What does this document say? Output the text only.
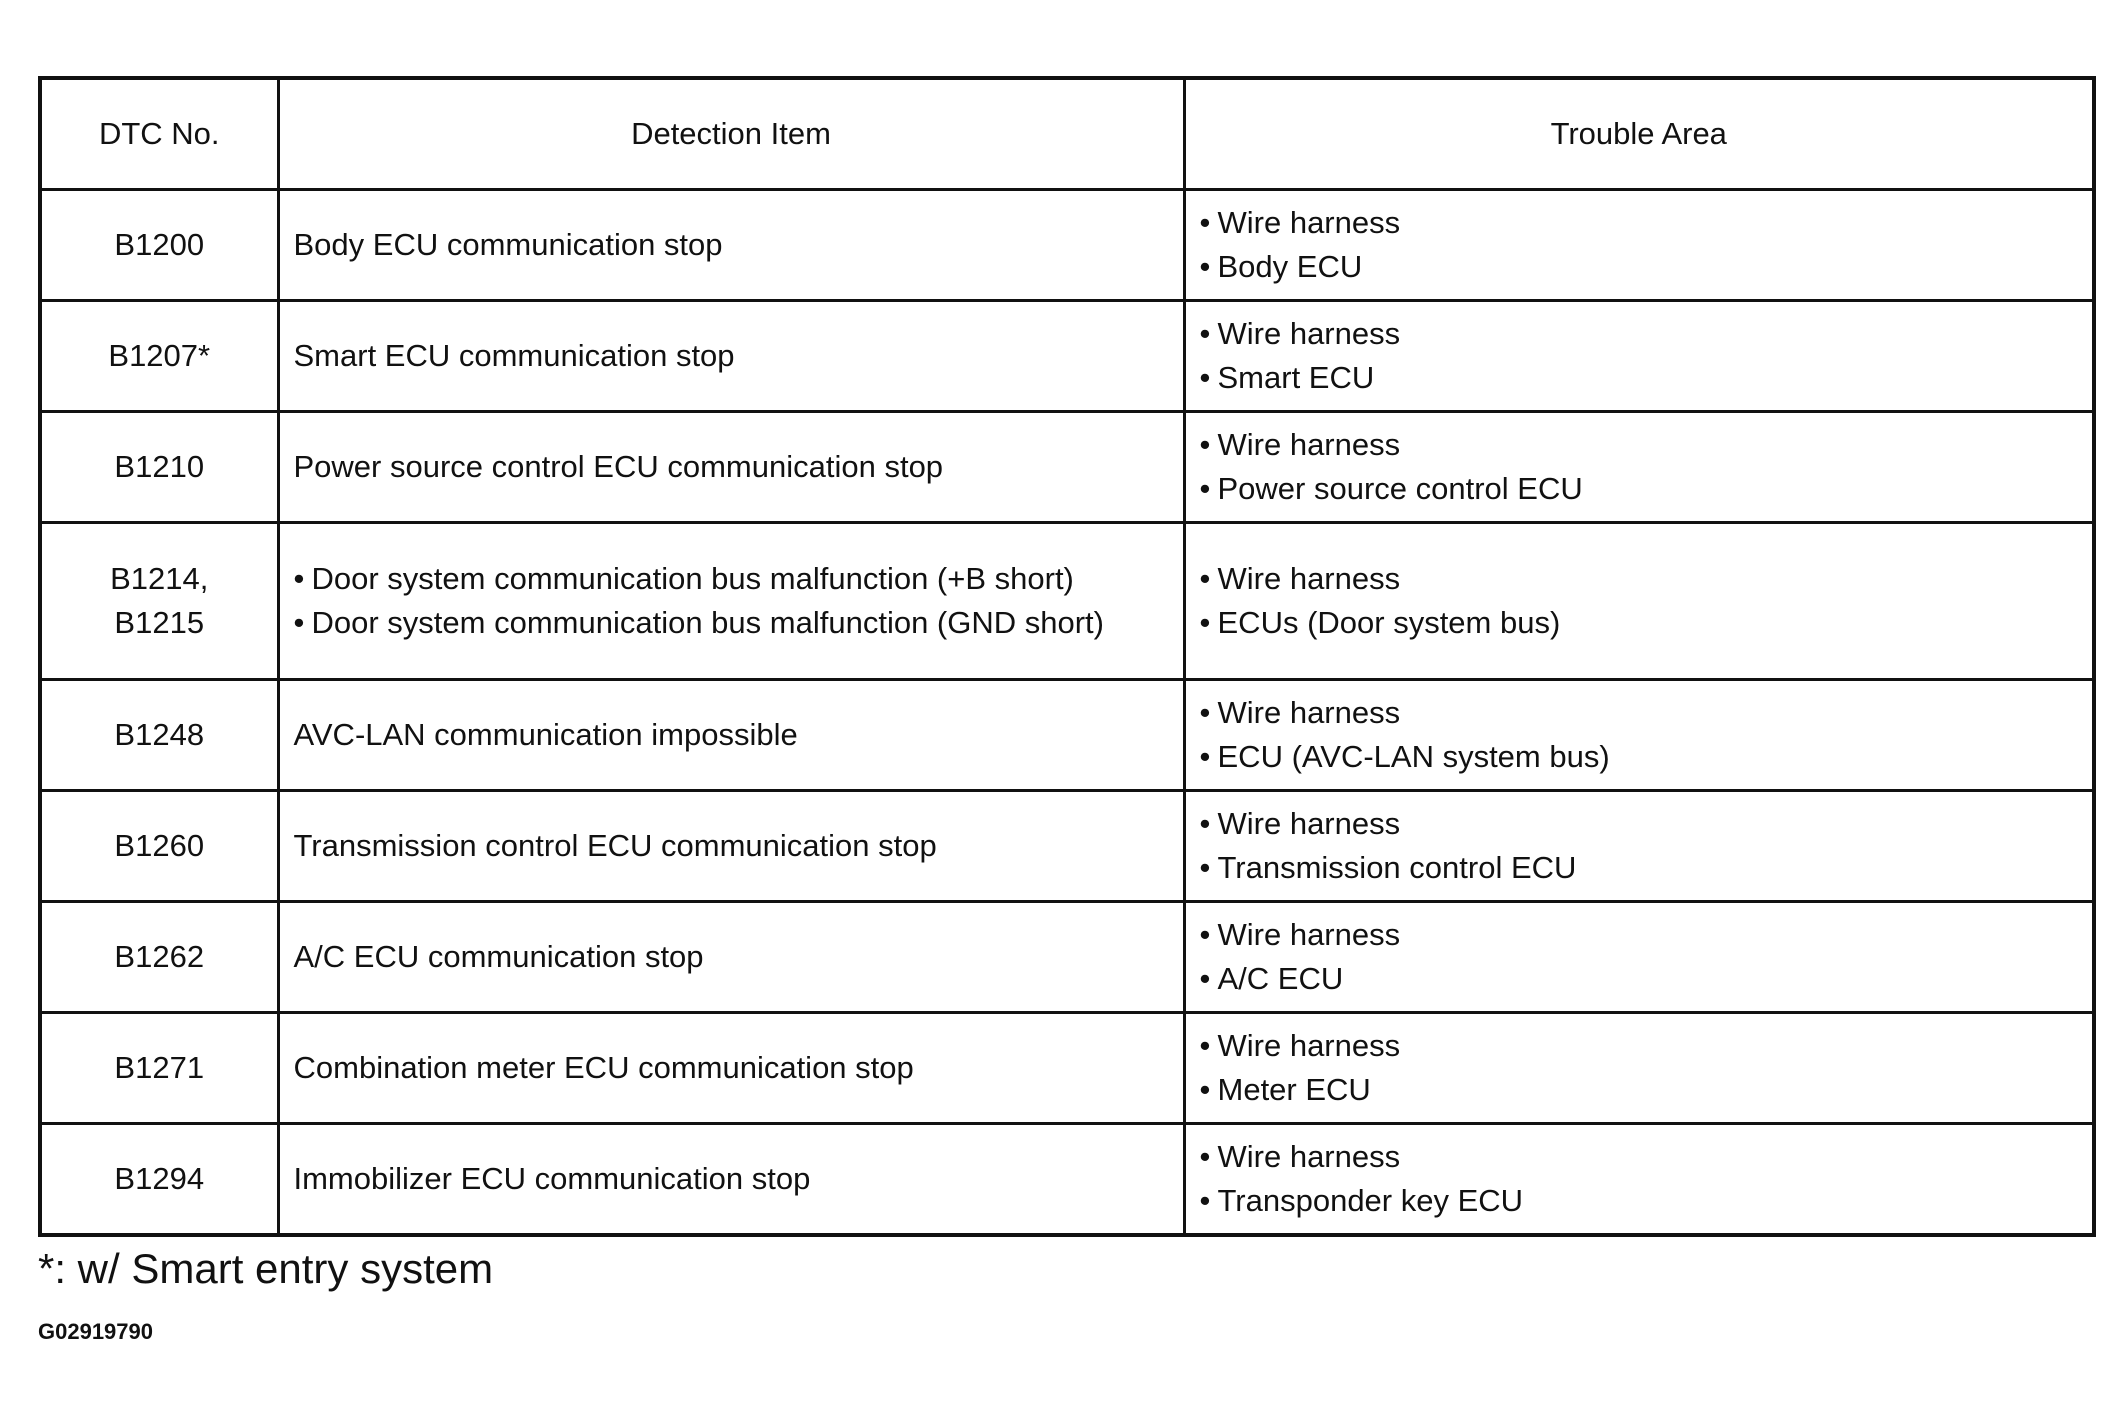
DTC No.	Detection Item	Trouble Area

B1200	Body ECU communication stop	• Wire harness
• Body ECU

B1207*	Smart ECU communication stop	• Wire harness
• Smart ECU

B1210	Power source control ECU communication stop	• Wire harness
• Power source control ECU

B1214,
B1215	• Door system communication bus malfunction (+B short)
• Door system communication bus malfunction (GND short)	• Wire harness
• ECUs (Door system bus)

B1248	AVC-LAN communication impossible	• Wire harness
• ECU (AVC-LAN system bus)

B1260	Transmission control ECU communication stop	• Wire harness
• Transmission control ECU

B1262	A/C ECU communication stop	• Wire harness
• A/C ECU

B1271	Combination meter ECU communication stop	• Wire harness
• Meter ECU

B1294	Immobilizer ECU communication stop	• Wire harness
• Transponder key ECU
*: w/ Smart entry system
G02919790
